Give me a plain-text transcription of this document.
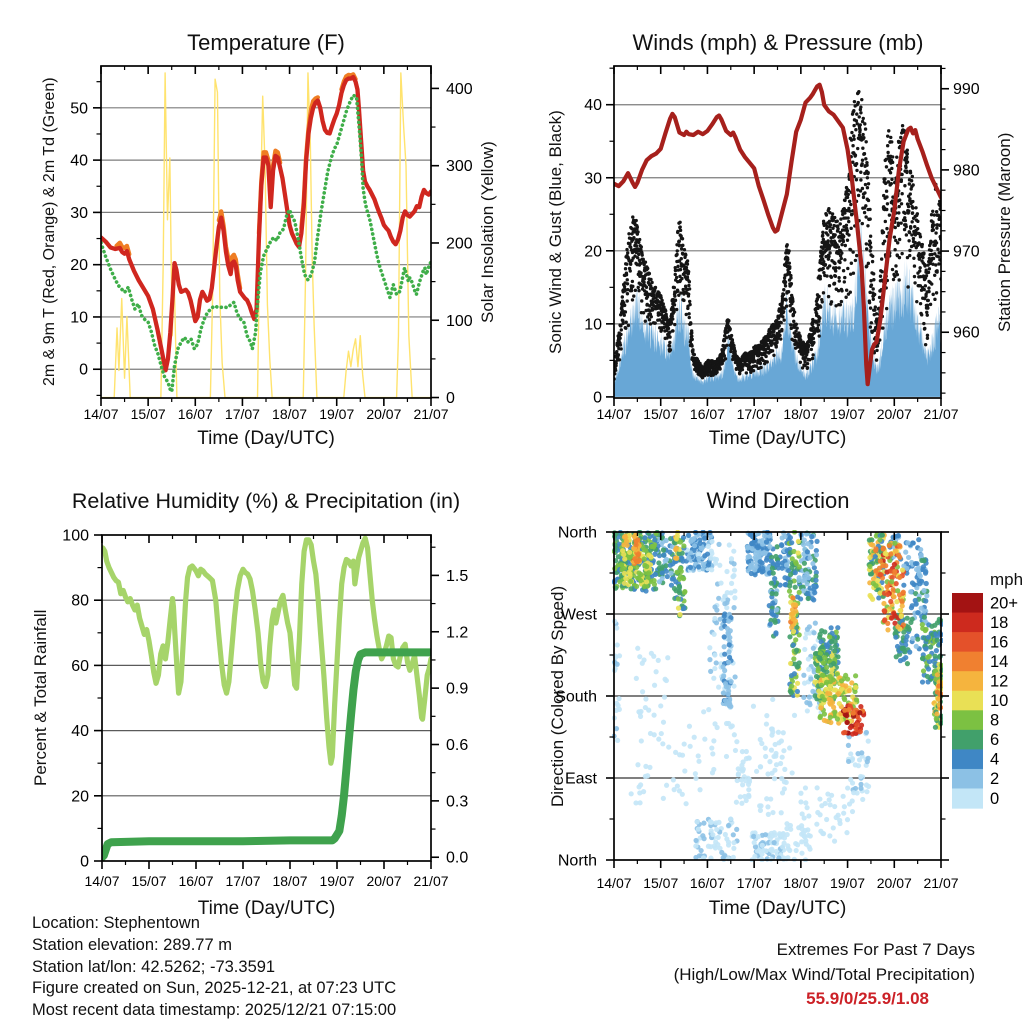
Temperature (F)	Winds (mph) & Pressure (mb)
Relative Humidity (%) & Precipitation (in)	Wind Direction
Time (Day/UTC)	Time (Day/UTC)
Time (Day/UTC)	Time (Day/UTC)
2m & 9m T (Red, Orange) & 2m Td (Green)	Solar Insolation (Yellow)	Sonic Wind & Gust (Blue, Black)	Station Pressure (Maroon)
Percent & Total Rainfall	Direction (Colored By Speed)
mph
Location: Stephentown
Station elevation: 289.77 m
Station lat/lon: 42.5262; -73.3591
Figure created on Sun, 2025-12-21, at 07:23 UTC
Most recent data timestamp: 2025/12/21 07:15:00
Extremes For Past 7 Days
(High/Low/Max Wind/Total Precipitation)
55.9/0/25.9/1.08
